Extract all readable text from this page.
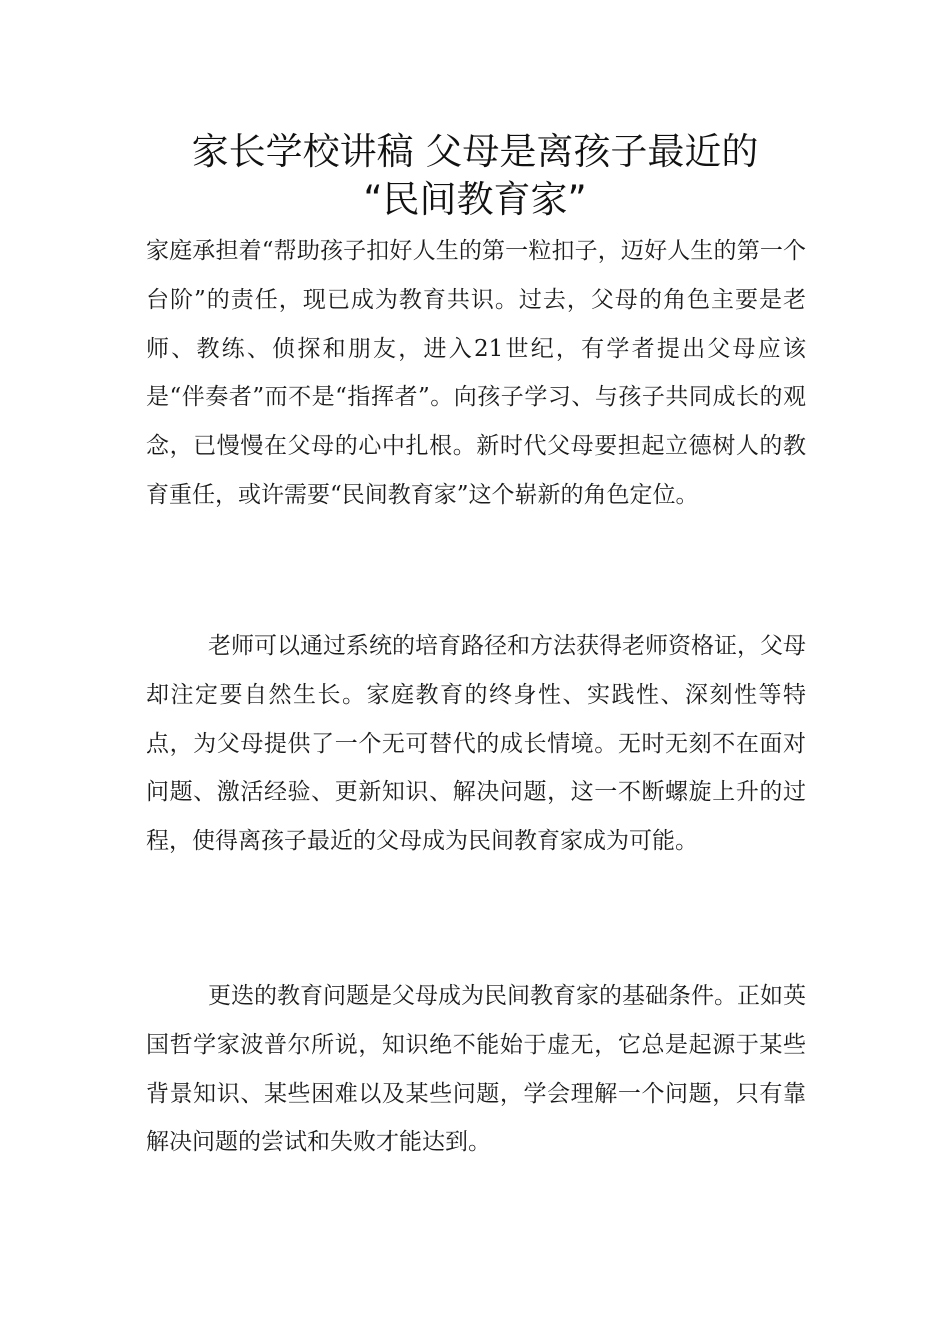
家长学校讲稿 父母是离孩子最近的
“民间教育家”

家庭承担着“帮助孩子扣好人生的第一粒扣子，迈好人生的第一个台阶”的责任，现已成为教育共识。过去，父母的角色主要是老师、教练、侦探和朋友，进入21世纪，有学者提出父母应该是“伴奏者”而不是“指挥者”。向孩子学习、与孩子共同成长的观念，已慢慢在父母的心中扎根。新时代父母要担起立德树人的教育重任，或许需要“民间教育家”这个崭新的角色定位。

老师可以通过系统的培育路径和方法获得老师资格证，父母却注定要自然生长。家庭教育的终身性、实践性、深刻性等特点，为父母提供了一个无可替代的成长情境。无时无刻不在面对问题、激活经验、更新知识、解决问题，这一不断螺旋上升的过程，使得离孩子最近的父母成为民间教育家成为可能。

更迭的教育问题是父母成为民间教育家的基础条件。正如英国哲学家波普尔所说，知识绝不能始于虚无，它总是起源于某些背景知识、某些困难以及某些问题，学会理解一个问题，只有靠解决问题的尝试和失败才能达到。
